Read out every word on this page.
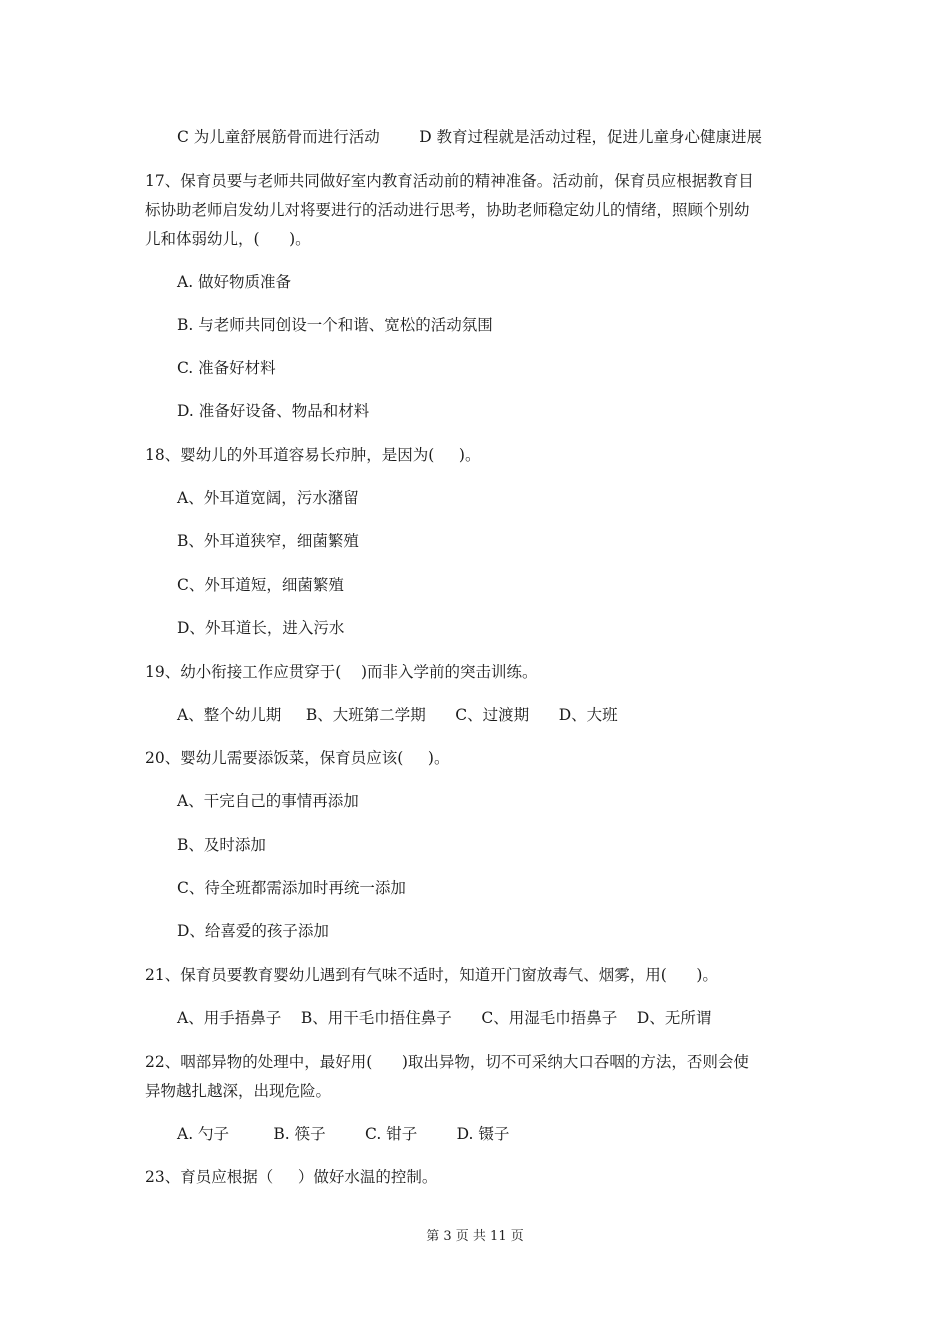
C 为儿童舒展筋骨而进行活动        D 教育过程就是活动过程，促进儿童身心健康进展
17、保育员要与老师共同做好室内教育活动前的精神准备。活动前，保育员应根据教育目
标协助老师启发幼儿对将要进行的活动进行思考，协助老师稳定幼儿的情绪，照顾个别幼
儿和体弱幼儿，(      )。
A. 做好物质准备
B. 与老师共同创设一个和谐、宽松的活动氛围
C. 准备好材料
D. 准备好设备、物品和材料
18、婴幼儿的外耳道容易长疖肿，是因为(     )。
A、外耳道宽阔，污水潴留
B、外耳道狭窄，细菌繁殖
C、外耳道短，细菌繁殖
D、外耳道长，进入污水
19、幼小衔接工作应贯穿于(    )而非入学前的突击训练。
A、整个幼儿期     B、大班第二学期      C、过渡期      D、大班
20、婴幼儿需要添饭菜，保育员应该(     )。
A、干完自己的事情再添加
B、及时添加
C、待全班都需添加时再统一添加
D、给喜爱的孩子添加
21、保育员要教育婴幼儿遇到有气味不适时，知道开门窗放毒气、烟雾，用(      )。
A、用手捂鼻子    B、用干毛巾捂住鼻子      C、用湿毛巾捂鼻子    D、无所谓
22、咽部异物的处理中，最好用(      )取出异物，切不可采纳大口吞咽的方法，否则会使
异物越扎越深，出现危险。
A. 勺子         B. 筷子        C. 钳子        D. 镊子
23、育员应根据（     ）做好水温的控制。
第 3 页 共 11 页
